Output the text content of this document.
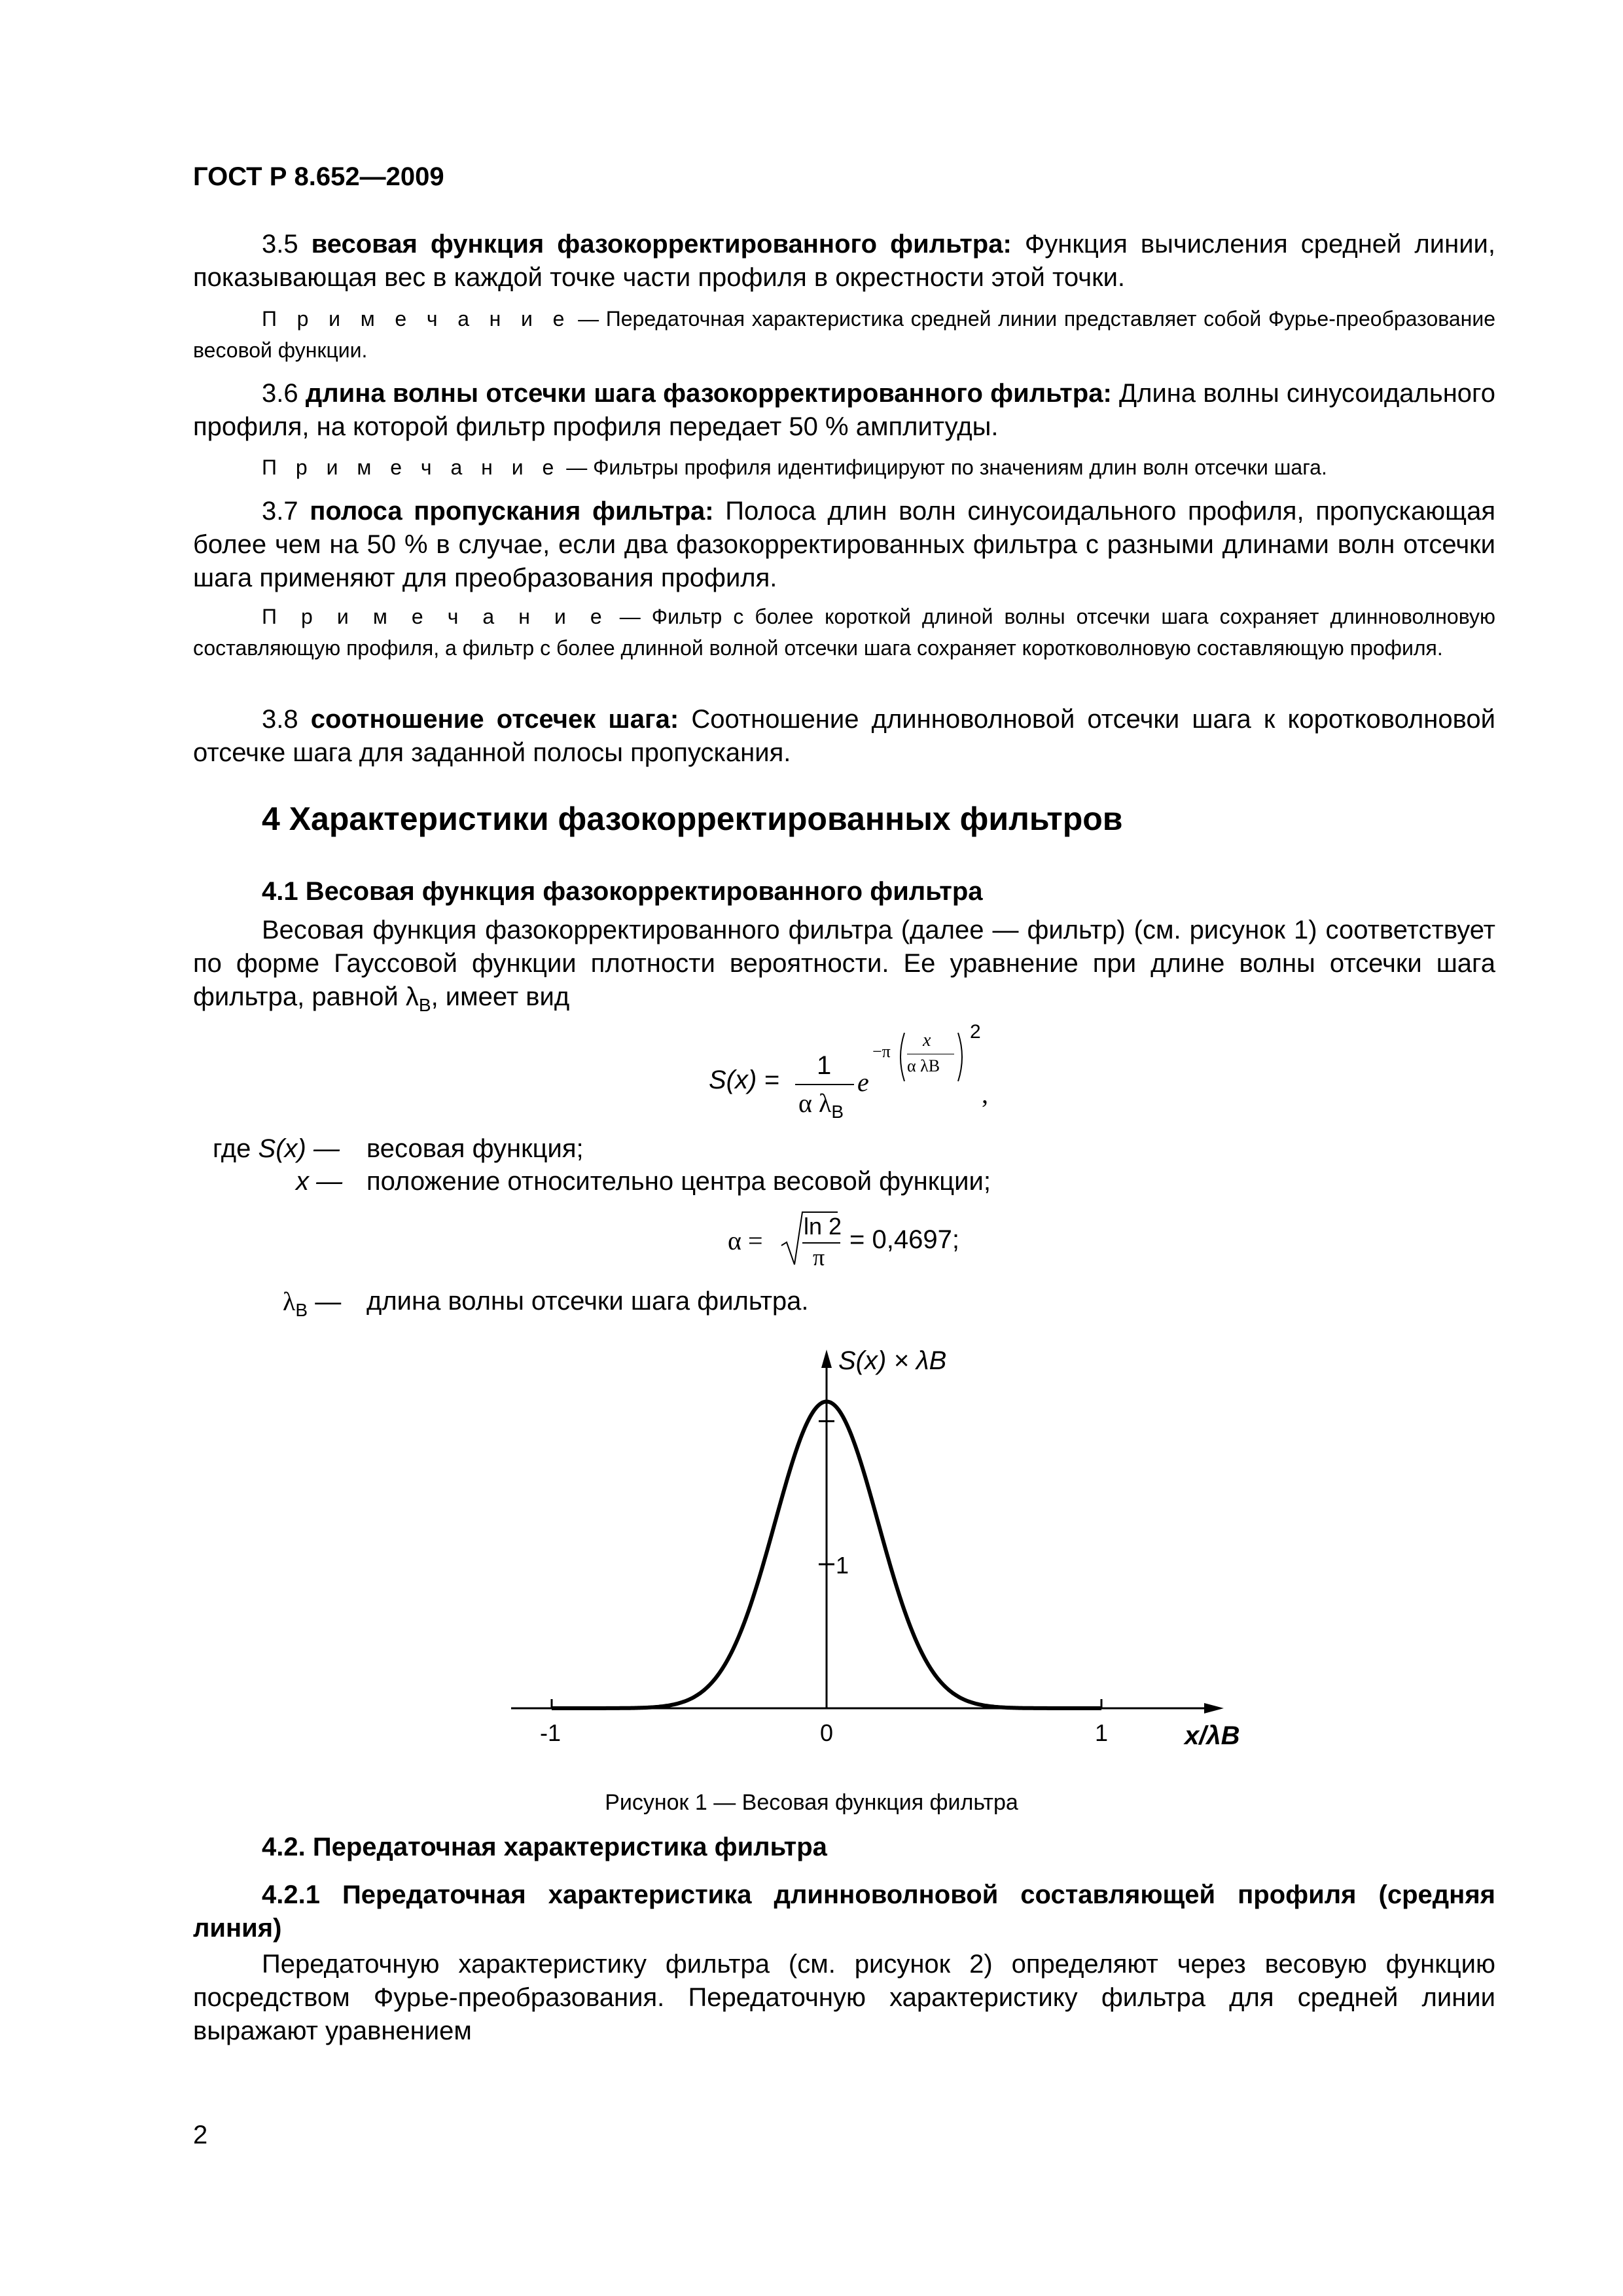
ГОСТ Р 8.652—2009
3.5 весовая функция фазокорректированного фильтра: Функция вычисления средней линии, показывающая вес в каждой точке части профиля в окрестности этой точки.
П р и м е ч а н и е — Передаточная характеристика средней линии представляет собой Фурье-преобразование весовой функции.
3.6 длина волны отсечки шага фазокорректированного фильтра: Длина волны синусоидального профиля, на которой фильтр профиля передает 50 % амплитуды.
П р и м е ч а н и е — Фильтры профиля идентифицируют по значениям длин волн отсечки шага.
3.7 полоса пропускания фильтра: Полоса длин волн синусоидального профиля, пропускающая более чем на 50 % в случае, если два фазокорректированных фильтра с разными длинами волн отсечки шага применяют для преобразования профиля.
П р и м е ч а н и е — Фильтр с более короткой длиной волны отсечки шага сохраняет длинноволновую составляющую профиля, а фильтр с более длинной волной отсечки шага сохраняет коротковолновую составляющую профиля.
3.8 соотношение отсечек шага: Соотношение длинноволновой отсечки шага к коротковолновой отсечке шага для заданной полосы пропускания.
4 Характеристики фазокорректированных фильтров
4.1 Весовая функция фазокорректированного фильтра
Весовая функция фазокорректированного фильтра (далее — фильтр) (см. рисунок 1) соответствует по форме Гауссовой функции плотности вероятности. Ее уравнение при длине волны отсечки шага фильтра, равной $\lambda_B$, имеет вид
S(x) = 1
α $\lambda_B$
e
−π
x
α λB
2
,
где S(x) — весовая функция;
x — положение относительно центра весовой функции;
α = ln 2
π
= 0,4697;
$\lambda_B$ — длина волны отсечки шага фильтра.
-1	0	1
1
S(x) × λB
x/λB
Рисунок 1 — Весовая функция фильтра
4.2. Передаточная характеристика фильтра
4.2.1 Передаточная характеристика длинноволновой составляющей профиля (средняя линия)
Передаточную характеристику фильтра (см. рисунок 2) определяют через весовую функцию посредством Фурье-преобразования. Передаточную характеристику фильтра для средней линии выражают уравнением
2
